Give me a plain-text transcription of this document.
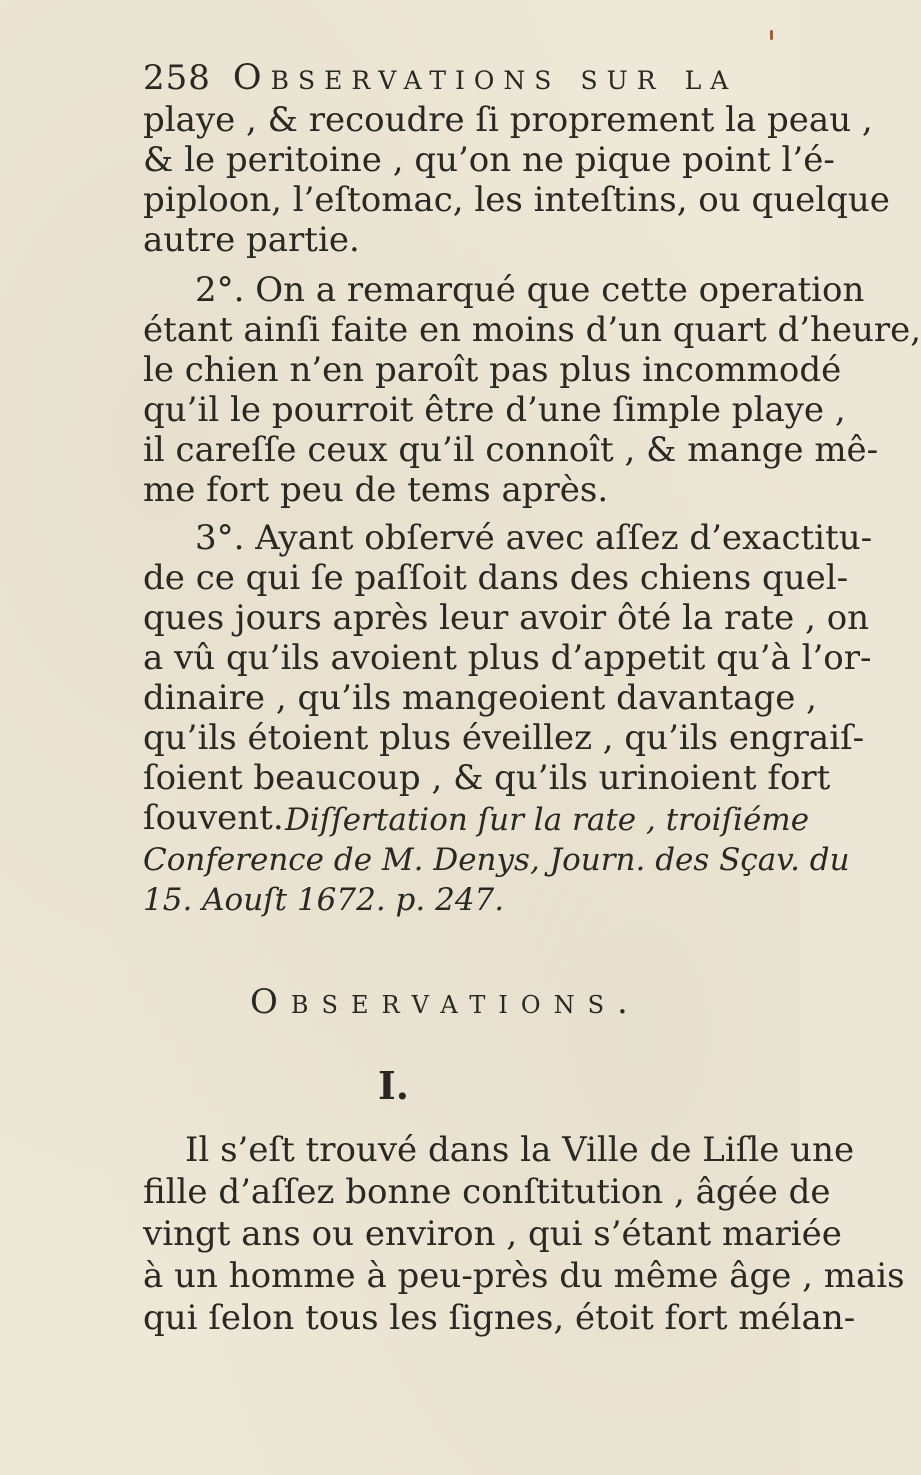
258 Observations sur la
playe , & recoudre ſi proprement la peau ,
& le peritoine , qu’on ne pique point l’é-
piploon, l’eſtomac, les inteſtins, ou quelque
autre partie.
2°. On a remarqué que cette operation
étant ainſi faite en moins d’un quart d’heure,
le chien n’en paroît pas plus incommodé
qu’il le pourroit être d’une ſimple playe ,
il careſſe ceux qu’il connoît , & mange mê-
me fort peu de tems après.
3°. Ayant obſervé avec aſſez d’exactitu-
de ce qui ſe paſſoit dans des chiens quel-
ques jours après leur avoir ôté la rate , on
a vû qu’ils avoient plus d’appetit qu’à l’or-
dinaire , qu’ils mangeoient davantage ,
qu’ils étoient plus éveillez , qu’ils engraiſ-
ſoient beaucoup , & qu’ils urinoient fort
ſouvent. Diſſertation ſur la rate , troiſiéme
Conference de M. Denys, Journ. des Sçav. du
15. Aouſt 1672. p. 247.
Observations.
I.
Il s’eſt trouvé dans la Ville de Liſle une
fille d’aſſez bonne conſtitution , âgée de
vingt ans ou environ , qui s’étant mariée
à un homme à peu-près du même âge , mais
qui ſelon tous les ſignes, étoit fort mélan-
